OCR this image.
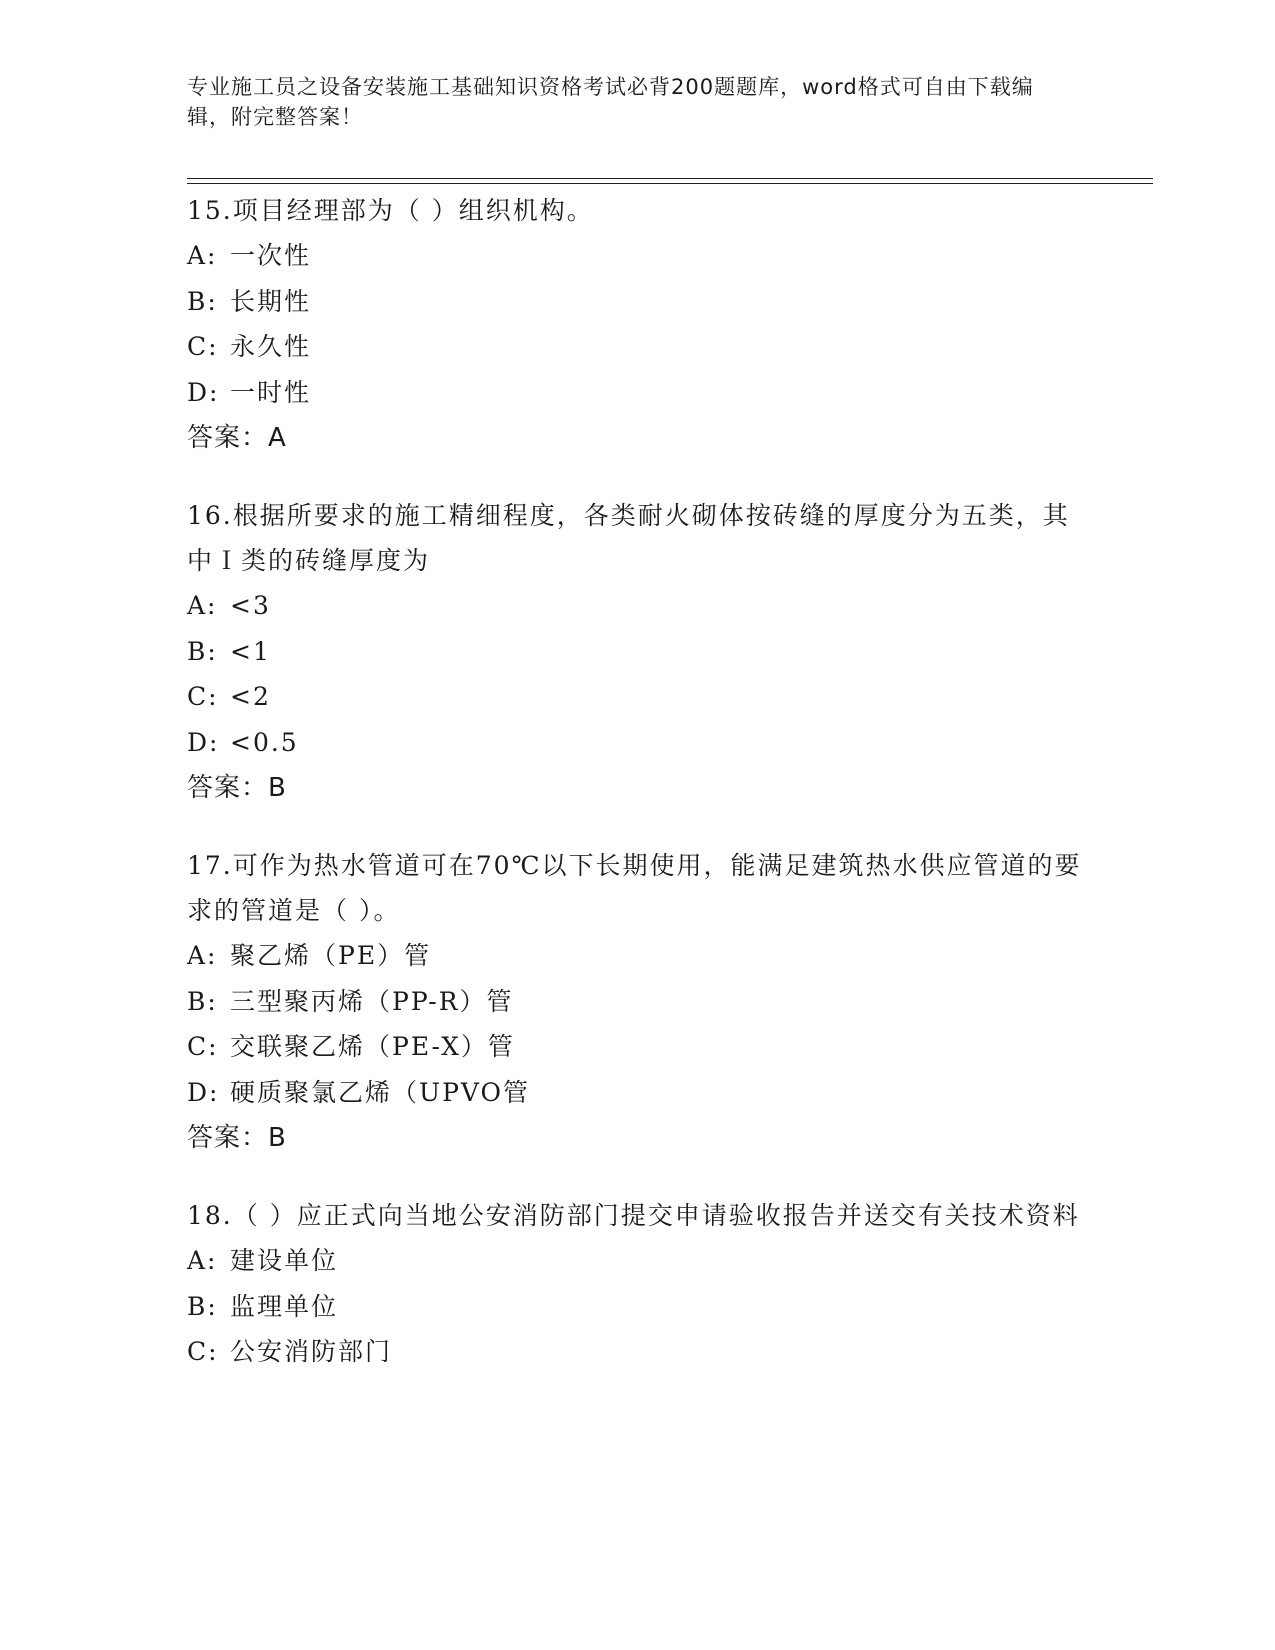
专业施工员之设备安装施工基础知识资格考试必背200题题库，word格式可自由下载编辑，附完整答案！

15.项目经理部为（ ）组织机构。

A: 一次性

B: 长期性

C: 永久性

D: 一时性

答案：A

16.根据所要求的施工精细程度，各类耐火砌体按砖缝的厚度分为五类，其中Ｉ类的砖缝厚度为

A: <3

B: <1

C: <2

D: <0.5

答案：B

17.可作为热水管道可在70℃以下长期使用，能满足建筑热水供应管道的要求的管道是（ ）。

A: 聚乙烯（PE）管

B: 三型聚丙烯（PP-R）管

C: 交联聚乙烯（PE-X）管

D: 硬质聚氯乙烯（UPVO管

答案：B

18.（ ）应正式向当地公安消防部门提交申请验收报告并送交有关技术资料

A: 建设单位

B: 监理单位

C: 公安消防部门
